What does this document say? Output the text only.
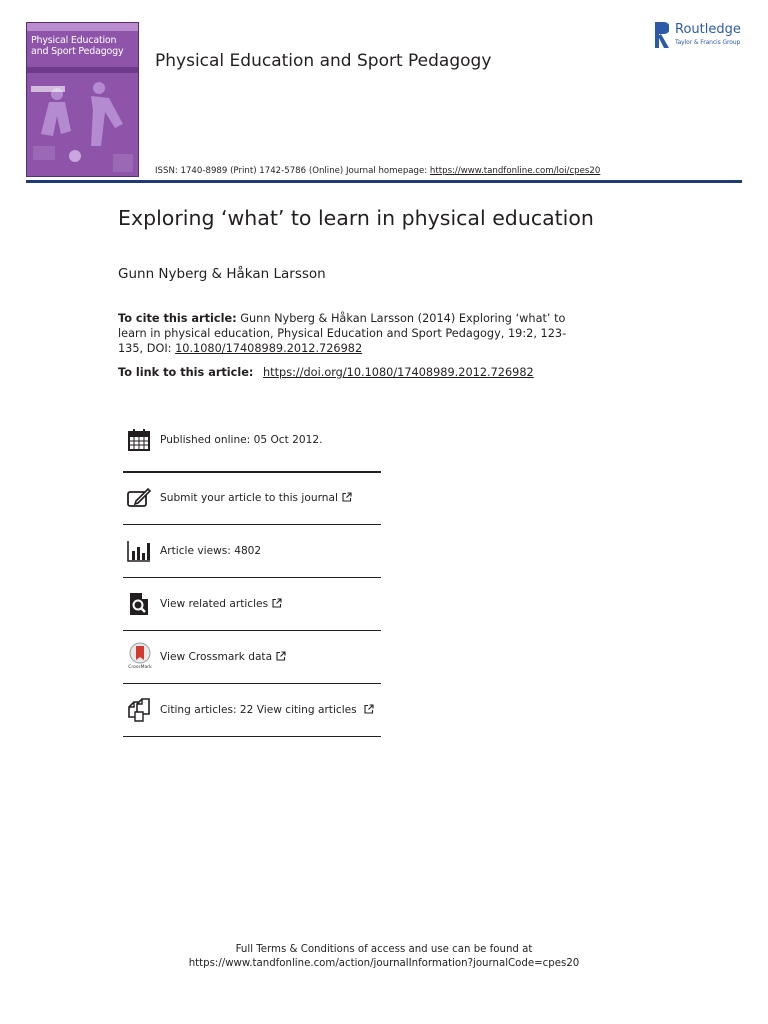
Physical Education
and Sport Pedagogy	Physical Education and Sport Pedagogy
Routledge
Taylor & Francis Group
ISSN: 1740-8989 (Print) 1742-5786 (Online) Journal homepage: https://www.tandfonline.com/loi/cpes20
Exploring ‘what’ to learn in physical education
Gunn Nyberg & Håkan Larsson
To cite this article: Gunn Nyberg & Håkan Larsson (2014) Exploring ‘what’ to learn in physical education, Physical Education and Sport Pedagogy, 19:2, 123-135, DOI: 10.1080/17408989.2012.726982
To link to this article: https://doi.org/10.1080/17408989.2012.726982
Published online: 05 Oct 2012.
Submit your article to this journal
Article views: 4802
View related articles
CrossMark
View Crossmark data
Citing articles: 22 View citing articles
Full Terms & Conditions of access and use can be found at
https://www.tandfonline.com/action/journalInformation?journalCode=cpes20
